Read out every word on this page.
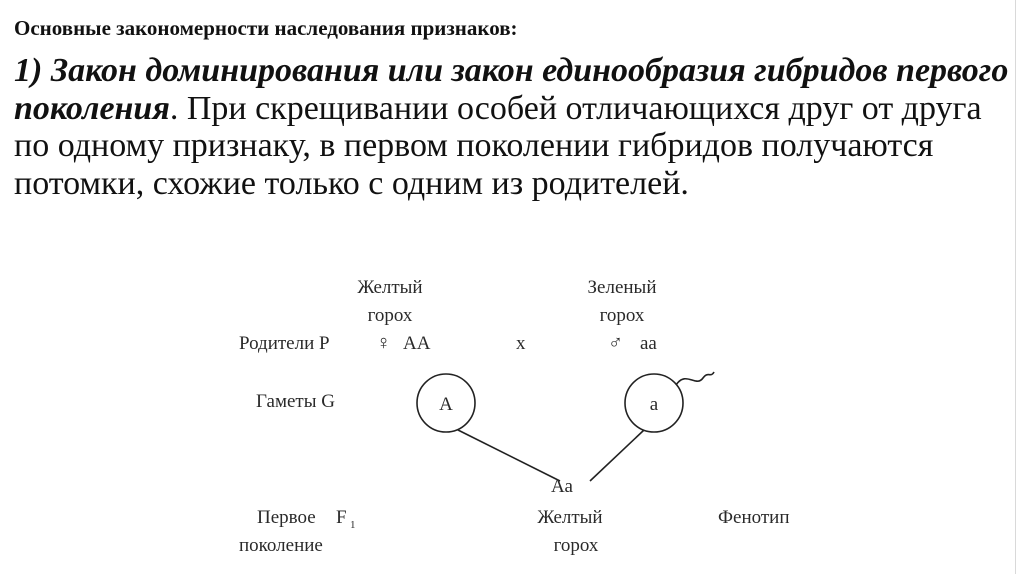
Основные закономерности наследования признаков:

1) Закон доминирования или закон единообразия гибридов первого поколения. При скрещивании особей отличающихся друг от друга по одному признаку, в первом поколении гибридов получаются потомки, схожие только с одним из родителей.

Желтый
горох
Зеленый
горох
Родители Р ♀ АА	х	♂ аа
Гаметы G	А	а
Аа
Первое F 1
поколение
Желтый
горох
Фенотип
